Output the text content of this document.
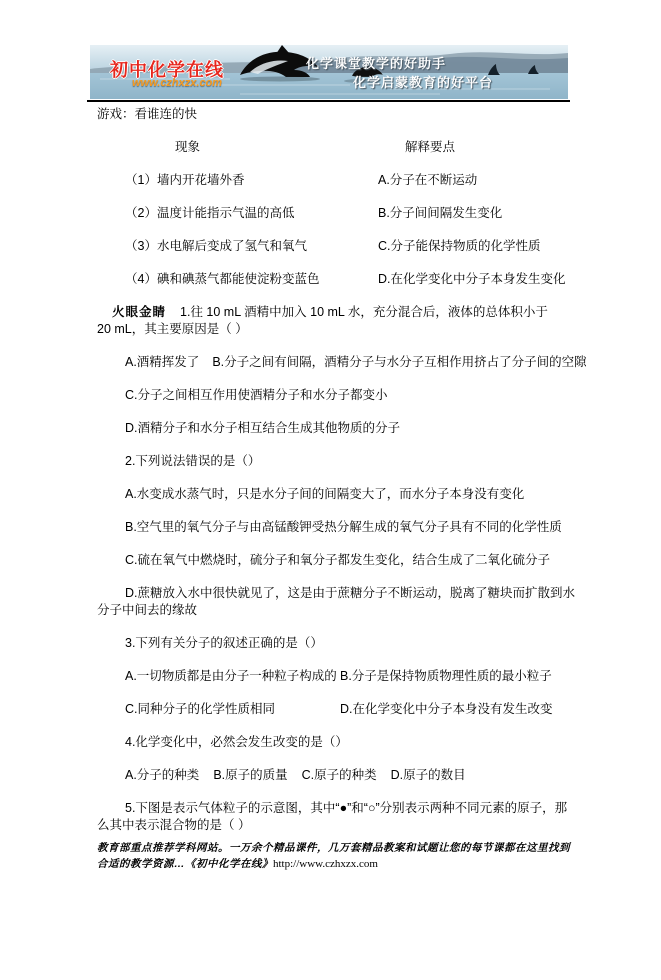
初中化学在线
www.czhxzx.com
化学课堂教学的好助手
化学启蒙教育的好平台

游戏：看谁连的快

现象	解释要点
（1）墙内开花墙外香	A.分子在不断运动
（2）温度计能指示气温的高低	B.分子间间隔发生变化
（3）水电解后变成了氢气和氧气	C.分子能保持物质的化学性质
（4）碘和碘蒸气都能使淀粉变蓝色	D.在化学变化中分子本身发生变化

火眼金睛 1.往 10 mL 酒精中加入 10 mL 水，充分混合后，液体的总体积小于 20 mL，其主要原因是（ ）

A.酒精挥发了 B.分子之间有间隔，酒精分子与水分子互相作用挤占了分子间的空隙

C.分子之间相互作用使酒精分子和水分子都变小

D.酒精分子和水分子相互结合生成其他物质的分子

2.下列说法错误的是（）

A.水变成水蒸气时，只是水分子间的间隔变大了，而水分子本身没有变化

B.空气里的氧气分子与由高锰酸钾受热分解生成的氧气分子具有不同的化学性质

C.硫在氧气中燃烧时，硫分子和氧分子都发生变化，结合生成了二氧化硫分子

D.蔗糖放入水中很快就见了，这是由于蔗糖分子不断运动，脱离了糖块而扩散到水分子中间去的缘故

3.下列有关分子的叙述正确的是（）

A.一切物质都是由分子一种粒子构成的 B.分子是保持物质物理性质的最小粒子
C.同种分子的化学性质相同	D.在化学变化中分子本身没有发生改变

4.化学变化中，必然会发生改变的是（）

A.分子的种类 B.原子的质量 C.原子的种类 D.原子的数目

5.下图是表示气体粒子的示意图，其中“●”和“○”分别表示两种不同元素的原子，那么其中表示混合物的是（ ）

教育部重点推荐学科网站。一万余个精品课件，几万套精品教案和试题让您的每节课都在这里找到合适的教学资源…《初中化学在线》http://www.czhxzx.com
